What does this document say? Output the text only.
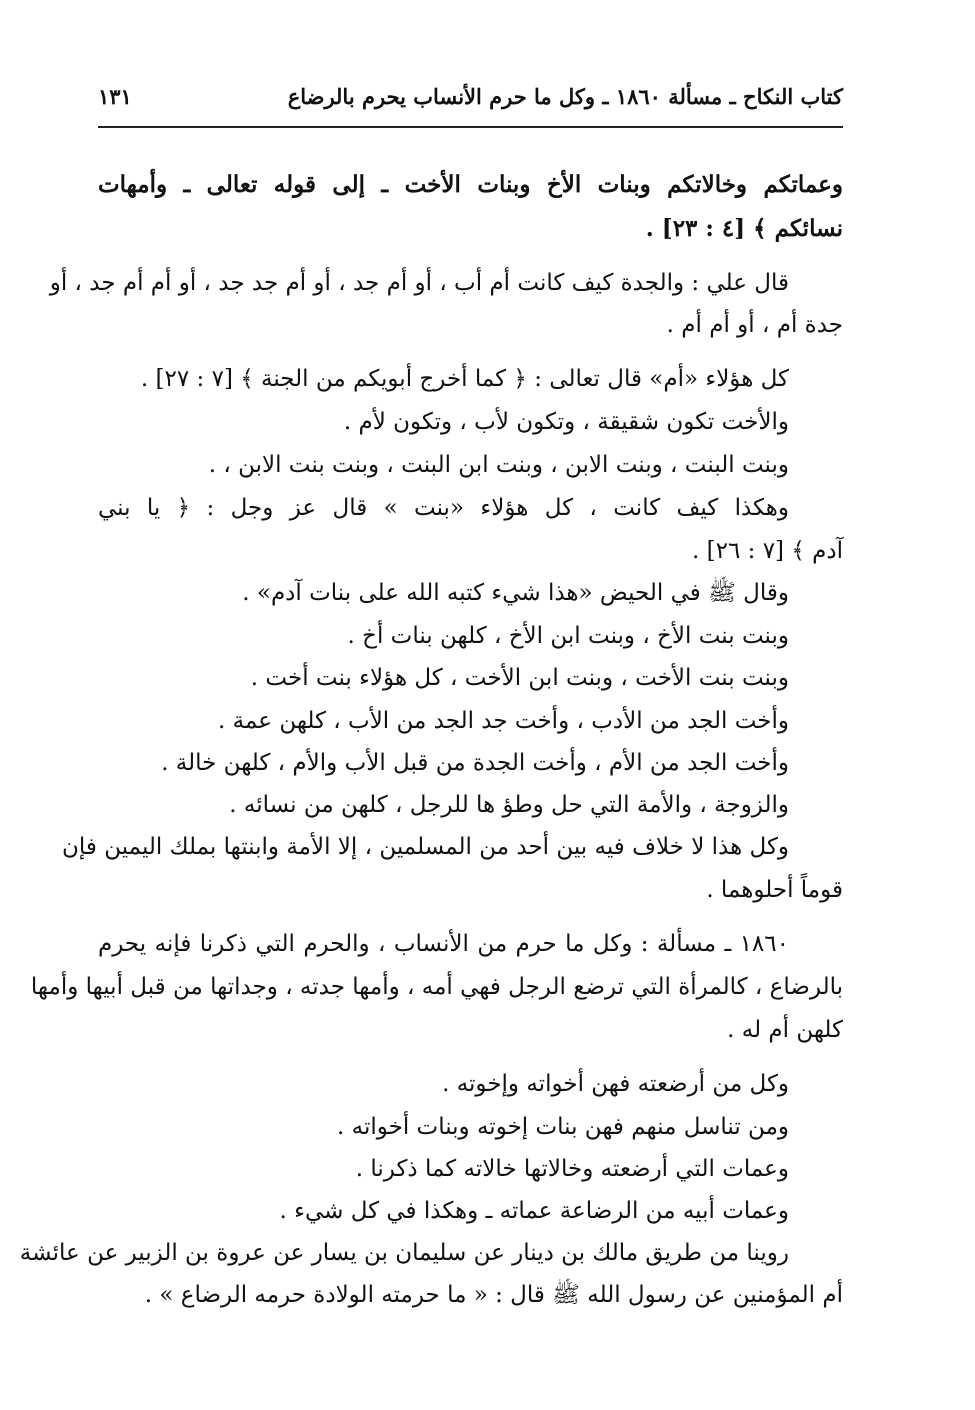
كتاب النكاح ـ مسألة ١٨٦٠ ـ وكل ما حرم الأنساب يحرم بالرضاع
١٣١
وعماتكم وخالاتكم وبنات الأخ وبنات الأخت ـ إلى قوله تعالى ـ وأمهات
نسائكم ﴾ [٤ : ٢٣] .
قال علي : والجدة كيف كانت أم أب ، أو أم جد ، أو أم جد جد ، أو أم أم جد ، أو
جدة أم ، أو أم أم .
كل هؤلاء «أم» قال تعالى : ﴿ كما أخرج أبويكم من الجنة ﴾ [٧ : ٢٧] .
والأخت تكون شقيقة ، وتكون لأب ، وتكون لأم .
وبنت البنت ، وبنت الابن ، وبنت ابن البنت ، وبنت بنت الابن ، .
وهكذا كيف كانت ، كل هؤلاء «بنت » قال عز وجل : ﴿ يا بني
آدم ﴾ [٧ : ٢٦] .
وقال ﷺ في الحيض «هذا شيء كتبه الله على بنات آدم» .
وبنت بنت الأخ ، وبنت ابن الأخ ، كلهن بنات أخ .
وبنت بنت الأخت ، وبنت ابن الأخت ، كل هؤلاء بنت أخت .
وأخت الجد من الأدب ، وأخت جد الجد من الأب ، كلهن عمة .
وأخت الجد من الأم ، وأخت الجدة من قبل الأب والأم ، كلهن خالة .
والزوجة ، والأمة التي حل وطؤ ها للرجل ، كلهن من نسائه .
وكل هذا لا خلاف فيه بين أحد من المسلمين ، إلا الأمة وابنتها بملك اليمين فإن
قوماً أحلوهما .
١٨٦٠ ـ مسألة : وكل ما حرم من الأنساب ، والحرم التي ذكرنا فإنه يحرم
بالرضاع ، كالمرأة التي ترضع الرجل فهي أمه ، وأمها جدته ، وجداتها من قبل أبيها وأمها
كلهن أم له .
وكل من أرضعته فهن أخواته وإخوته .
ومن تناسل منهم فهن بنات إخوته وبنات أخواته .
وعمات التي أرضعته وخالاتها خالاته كما ذكرنا .
وعمات أبيه من الرضاعة عماته ـ وهكذا في كل شيء .
روينا من طريق مالك بن دينار عن سليمان بن يسار عن عروة بن الزبير عن عائشة
أم المؤمنين عن رسول الله ﷺ قال : « ما حرمته الولادة حرمه الرضاع » .
